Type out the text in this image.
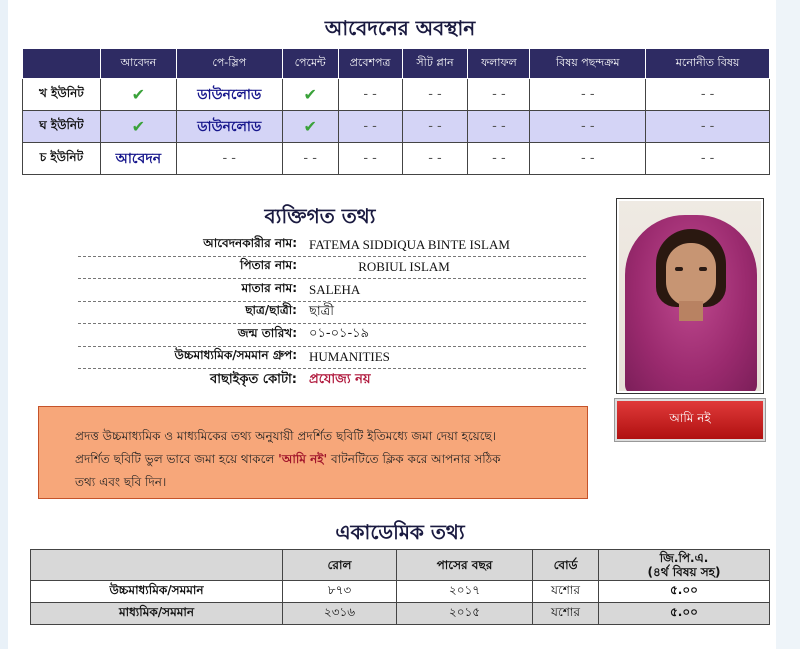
আবেদনের অবস্থান
	আবেদন	পে-স্লিপ	পেমেন্ট	প্রবেশপত্র	সীট প্লান	ফলাফল	বিষয় পছন্দক্রম	মনোনীত বিষয়
খ ইউনিট	✔	ডাউনলোড	✔	- -	- -	- -	- -	- -
ঘ ইউনিট	✔	ডাউনলোড	✔	- -	- -	- -	- -	- -
চ ইউনিট	আবেদন	- -	- -	- -	- -	- -	- -	- -
ব্যক্তিগত তথ্য
আবেদনকারীর নাম: FATEMA SIDDIQUA BINTE ISLAM
পিতার নাম:	ROBIUL ISLAM
মাতার নাম: SALEHA
ছাত্র/ছাত্রী: ছাত্রী
জন্ম তারিখ: ০১-০১-১৯
উচ্চমাধ্যমিক/সমমান গ্রুপ: HUMANITIES
বাছাইকৃত কোটা: প্রযোজ্য নয়
আমি নই
প্রদত্ত উচ্চমাধ্যমিক ও মাধ্যমিকের তথ্য অনুযায়ী প্রদর্শিত ছবিটি ইতিমধ্যে জমা দেয়া হয়েছে।
প্রদর্শিত ছবিটি ভুল ভাবে জমা হয়ে থাকলে 'আমি নই' বাটনটিতে ক্লিক করে আপনার সঠিক
তথ্য এবং ছবি দিন।
একাডেমিক তথ্য
	রোল	পাসের বছর	বোর্ড	জি.পি.এ.
(৪র্থ বিষয় সহ)

উচ্চমাধ্যমিক/সমমান	৮৭৩	২০১৭	যশোর	৫.০০
মাধ্যমিক/সমমান	২৩১৬	২০১৫	যশোর	৫.০০
